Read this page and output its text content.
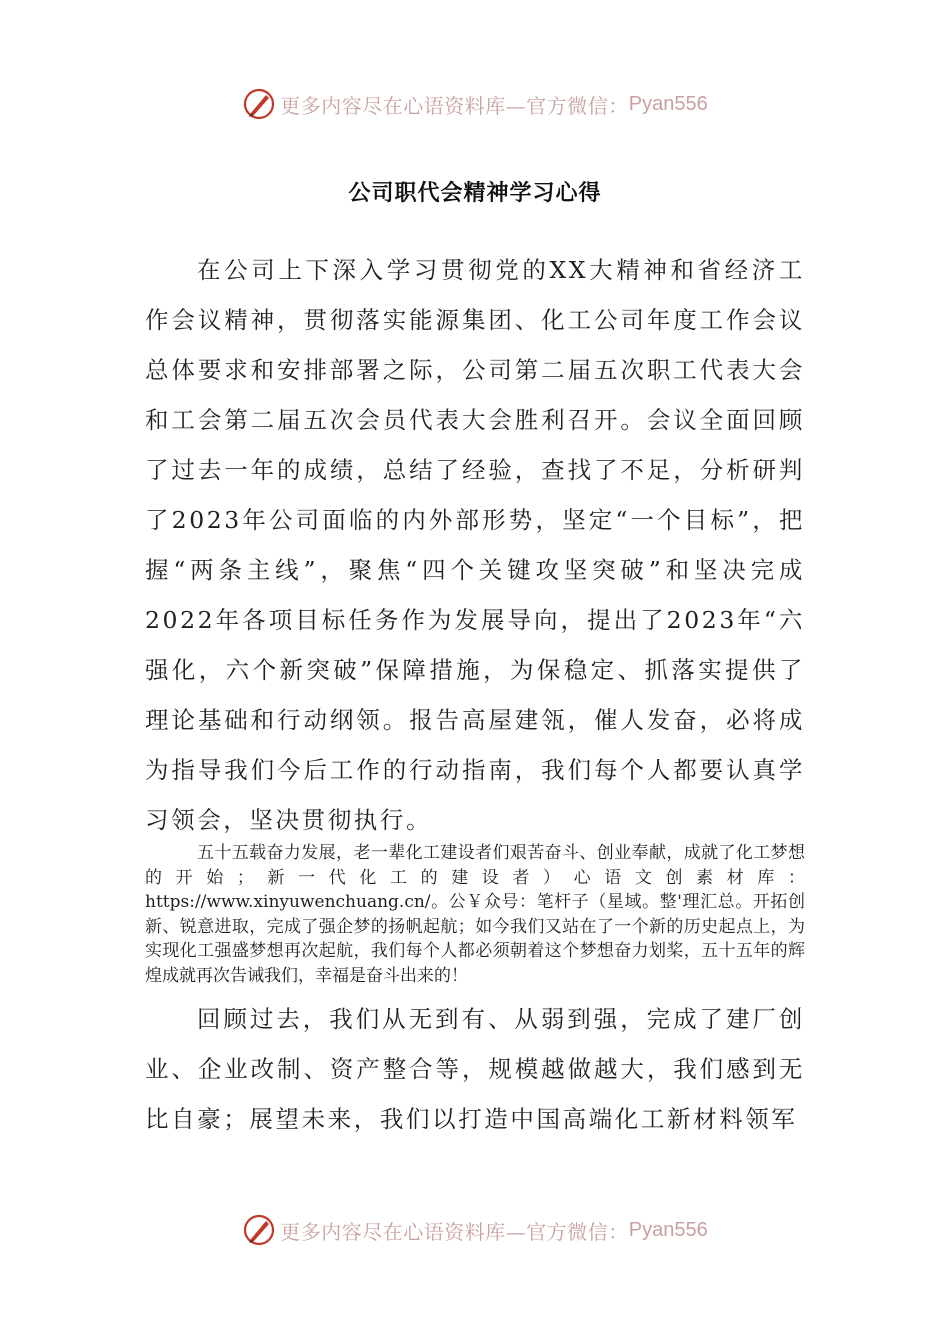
更多内容尽在心语资料库—官方微信： Pyan556
公司职代会精神学习心得

在公司上下深入学习贯彻党的XX大精神和省经济工作会议精神，贯彻落实能源集团、化工公司年度工作会议总体要求和安排部署之际，公司第二届五次职工代表大会和工会第二届五次会员代表大会胜利召开。会议全面回顾了过去一年的成绩，总结了经验，查找了不足，分析研判了2023年公司面临的内外部形势，坚定“一个目标”，把握“两条主线”，聚焦“四个关键攻坚突破”和坚决完成2022年各项目标任务作为发展导向，提出了2023年“六强化，六个新突破”保障措施，为保稳定、抓落实提供了理论基础和行动纲领。报告高屋建瓴，催人发奋，必将成为指导我们今后工作的行动指南，我们每个人都要认真学习领会，坚决贯彻执行。

五十五载奋力发展，老一辈化工建设者们艰苦奋斗、创业奉献，成就了化工梦想的开始；新一代化工的建设者）心语文创素材库：https://www.xinyuwenchuang.cn/。公￥众号：笔杆子（星域。整'理汇总。开拓创新、锐意进取，完成了强企梦的扬帆起航；如今我们又站在了一个新的历史起点上，为实现化工强盛梦想再次起航，我们每个人都必须朝着这个梦想奋力划桨，五十五年的辉煌成就再次告诫我们，幸福是奋斗出来的！

回顾过去，我们从无到有、从弱到强，完成了建厂创业、企业改制、资产整合等，规模越做越大，我们感到无比自豪；展望未来，我们以打造中国高端化工新材料领军

更多内容尽在心语资料库—官方微信： Pyan556
